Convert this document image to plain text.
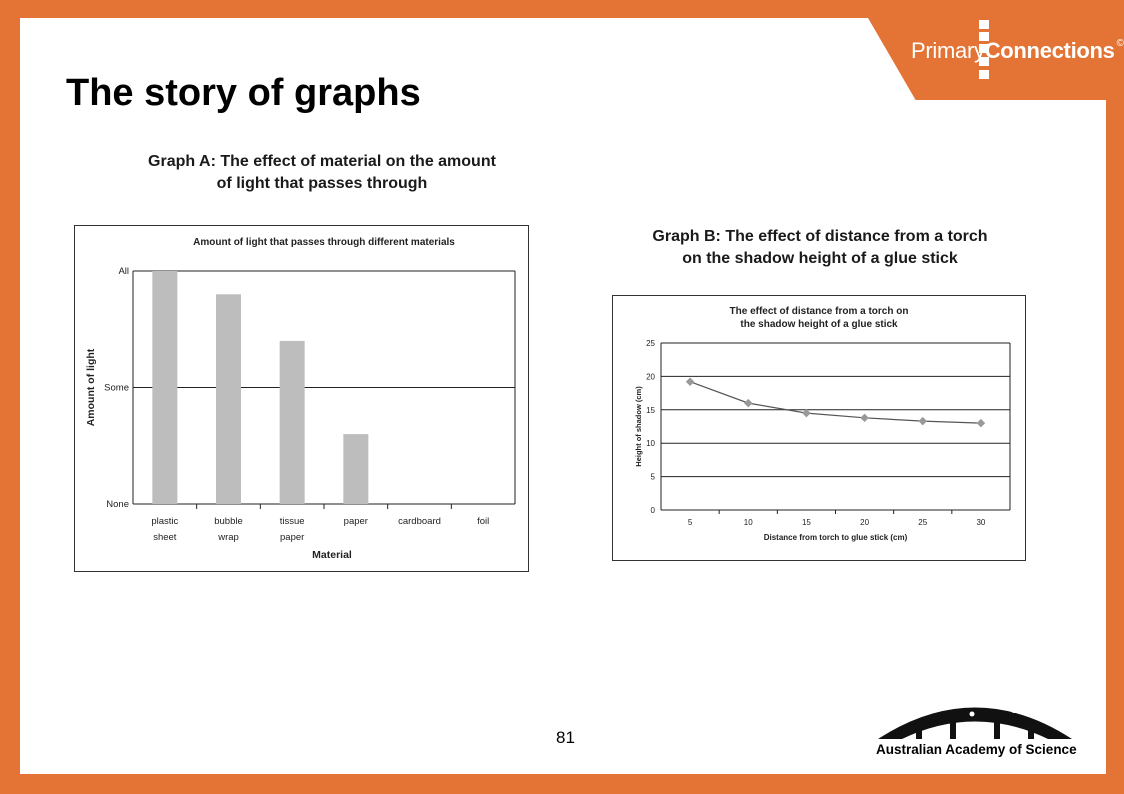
PrimaryConnections ©
The story of graphs
Graph A: The effect of material on the amount
of light that passes through
Graph B: The effect of distance from a torch
on the shadow height of a glue stick
Amount of light that passes through different materials
None
Some
All
plastic
sheet
bubble
wrap
tissue
paper
paper	cardboard	foil
Material
Amount of light
The effect of distance from a torch on
the shadow height of a glue stick
0
5
10
15
20
25
5	10	15	20	25	30
Distance from torch to glue stick (cm)
Height of shadow (cm)
81
Australian Academy of Science
